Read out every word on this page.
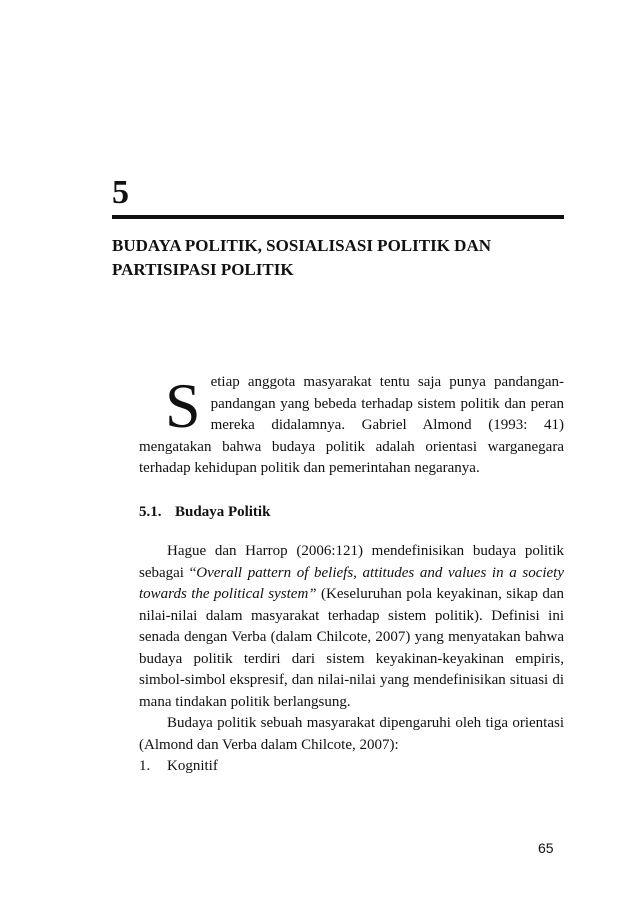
5
BUDAYA POLITIK, SOSIALISASI POLITIK DAN
PARTISIPASI POLITIK

Setiap anggota masyarakat tentu saja punya pandangan-pandangan yang bebeda terhadap sistem politik dan peran mereka didalamnya. Gabriel Almond (1993: 41) mengatakan bahwa budaya politik adalah orientasi warganegara terhadap kehidupan politik dan pemerintahan negaranya.

5.1. Budaya Politik

Hague dan Harrop (2006:121) mendefinisikan budaya politik sebagai “Overall pattern of beliefs, attitudes and values in a society towards the political system” (Keseluruhan pola keyakinan, sikap dan nilai-nilai dalam masyarakat terhadap sistem politik). Definisi ini senada dengan Verba (dalam Chilcote, 2007) yang menyatakan bahwa budaya politik terdiri dari sistem keyakinan-keyakinan empiris, simbol-simbol ekspresif, dan nilai-nilai yang mendefinisikan situasi di mana tindakan politik berlangsung.

Budaya politik sebuah masyarakat dipengaruhi oleh tiga orientasi (Almond dan Verba dalam Chilcote, 2007):

1. Kognitif

65
